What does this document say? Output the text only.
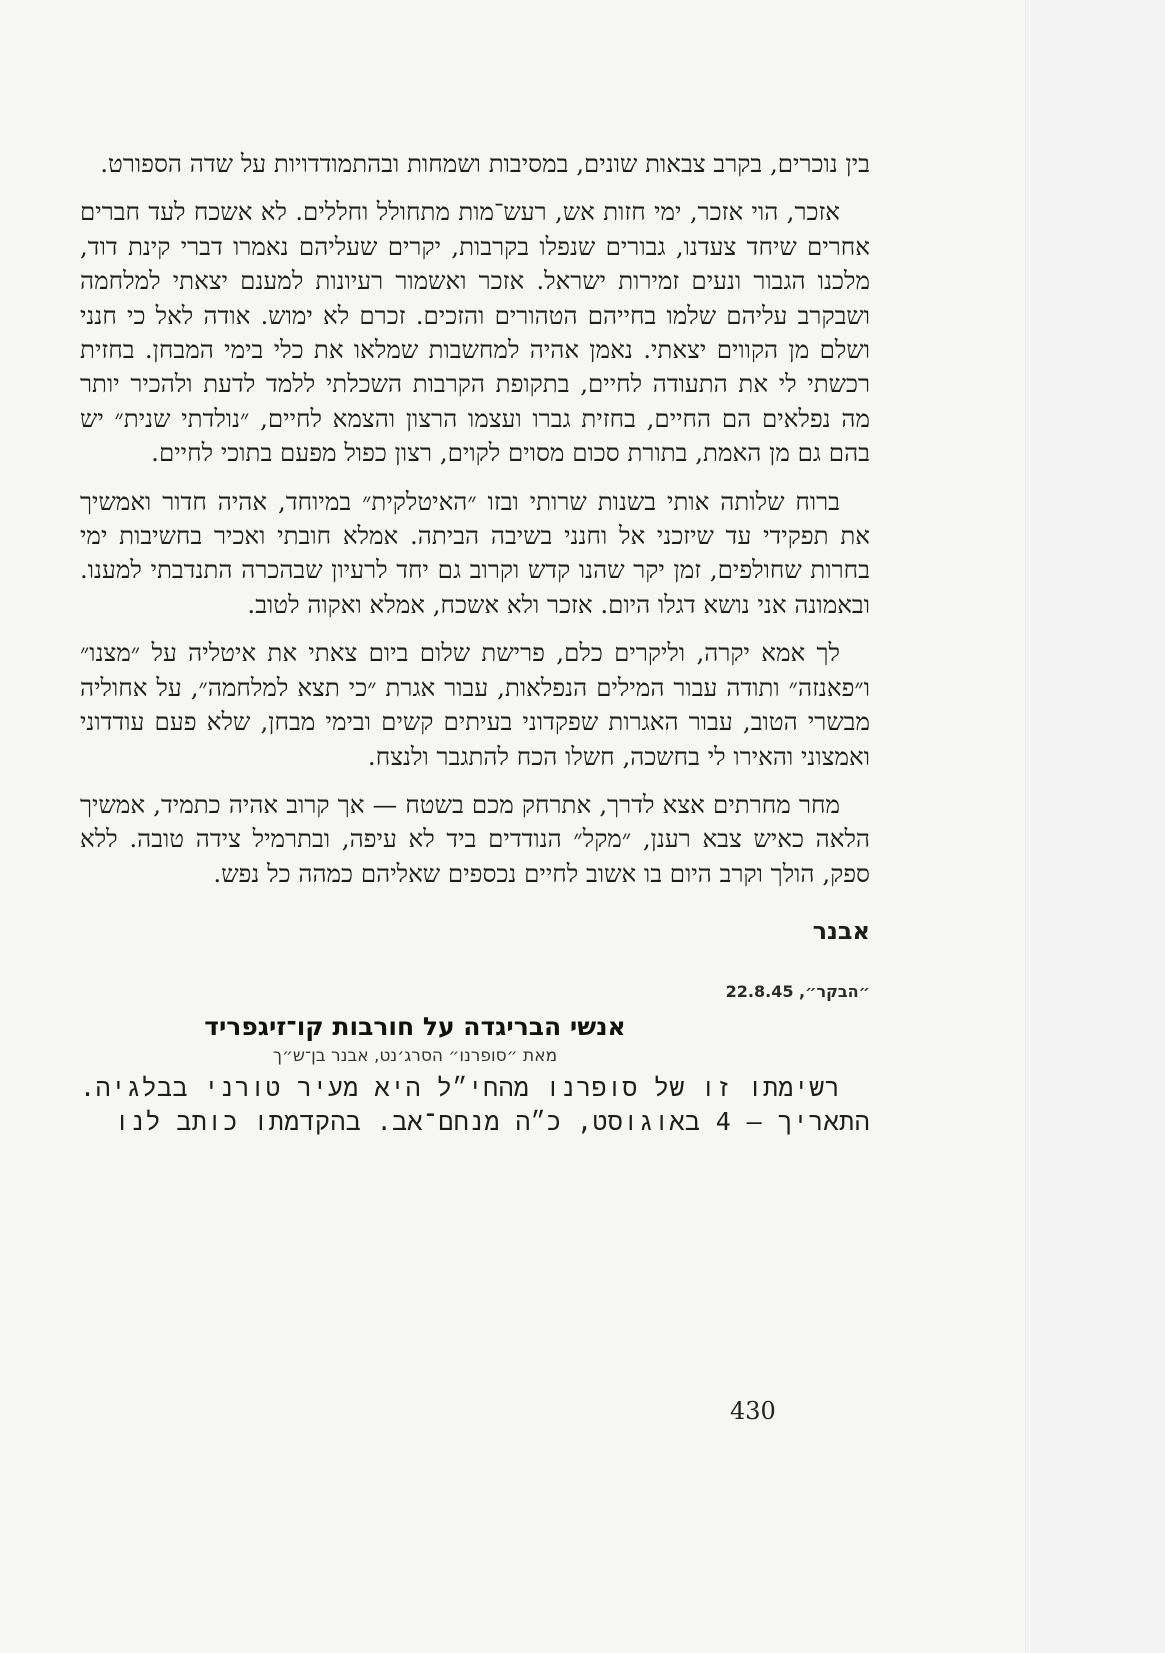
בין נוכרים, בקרב צבאות שונים, במסיבות ושמחות ובהתמודדויות על שדה הספורט.

אזכר, הוי אזכר, ימי חזות אש, רעש־מות מתחולל וחללים. לא אשכח לעד חברים אחרים שיחד צעדנו, גבורים שנפלו בקרבות, יקרים שעליהם נאמרו דברי קינת דוד, מלכנו הגבור ונעים זמירות ישראל. אזכר ואשמור רעיונות למענם יצאתי למלחמה ושבקרב עליהם שלמו בחייהם הטהורים והזכים. זכרם לא ימוש. אודה לאל כי חנני ושלם מן הקווים יצאתי. נאמן אהיה למחשבות שמלאו את כלי בימי המבחן. בחזית רכשתי לי את התעודה לחיים, בתקופת הקרבות השכלתי ללמד לדעת ולהכיר יותר מה נפלאים הם החיים, בחזית גברו ועצמו הרצון והצמא לחיים, ״נולדתי שנית״ יש בהם גם מן האמת, בתורת סכום מסוים לקוים, רצון כפול מפעם בתוכי לחיים.

ברוח שלותה אותי בשנות שרותי ובזו ״האיטלקית״ במיוחד, אהיה חדור ואמשיך את תפקידי עד שיזכני אל וחנני בשיבה הביתה. אמלא חובתי ואכיר בחשיבות ימי בחרות שחולפים, זמן יקר שהנו קדש וקרוב גם יחד לרעיון שבהכרה התנדבתי למענו. ובאמונה אני נושא דגלו היום. אזכר ולא אשכח, אמלא ואקוה לטוב.

לך אמא יקרה, וליקרים כלם, פרישת שלום ביום צאתי את איטליה על ״מצנו״ ו״פאנזה״ ותודה עבור המילים הנפלאות, עבור אגרת ״כי תצא למלחמה״, על אחוליה מבשרי הטוב, עבור האגרות שפקדוני בעיתים קשים ובימי מבחן, שלא פעם עודדוני ואמצוני והאירו לי בחשכה, חשלו הכח להתגבר ולנצח.

מחר מחרתים אצא לדרך, אתרחק מכם בשטח — אך קרוב אהיה כתמיד, אמשיך הלאה כאיש צבא רענן, ״מקל״ הנודדים ביד לא עיפה, ובתרמיל צידה טובה. ללא ספק, הולך וקרב היום בו אשוב לחיים נכספים שאליהם כמהה כל נפש.

אבנר

״הבקר״, 22.8.45

אנשי הבריגדה על חורבות קו־זיגפריד

מאת ״סופרנו״ הסרג׳נט, אבנר בן־ש״ך

רשימתו זו של סופרנו מהחי״ל היא מעיר טורני בבלגיה. התאריך — 4 באוגוסט, כ״ה מנחם־אב. בהקדמתו כותב לנו

430
